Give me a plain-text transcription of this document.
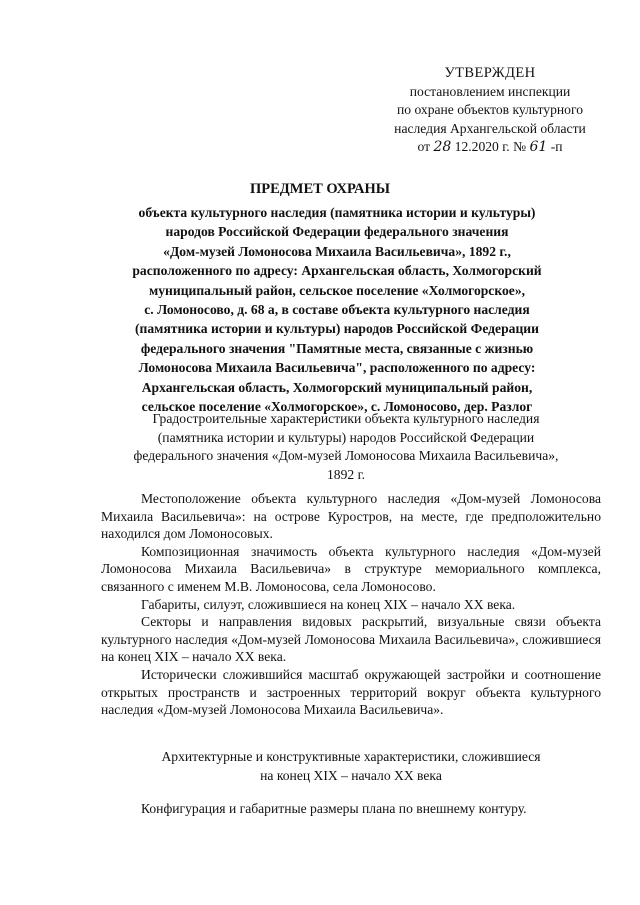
УТВЕРЖДЕН
постановлением инспекции
по охране объектов культурного
наследия Архангельской области
от 28 12.2020 г. № 61 -п
ПРЕДМЕТ ОХРАНЫ
объекта культурного наследия (памятника истории и культуры)
народов Российской Федерации федерального значения
«Дом-музей Ломоносова Михаила Васильевича», 1892 г.,
расположенного по адресу: Архангельская область, Холмогорский
муниципальный район, сельское поселение «Холмогорское»,
с. Ломоносово, д. 68 а, в составе объекта культурного наследия
(памятника истории и культуры) народов Российской Федерации
федерального значения "Памятные места, связанные с жизнью
Ломоносова Михаила Васильевича", расположенного по адресу:
Архангельская область, Холмогорский муниципальный район,
сельское поселение «Холмогорское», с. Ломоносово, дер. Разлог
Градостроительные характеристики объекта культурного наследия
(памятника истории и культуры) народов Российской Федерации
федерального значения «Дом-музей Ломоносова Михаила Васильевича»,
1892 г.

Местоположение объекта культурного наследия «Дом-музей Ломоносова Михаила Васильевича»: на острове Куростров, на месте, где предположительно находился дом Ломоносовых.

Композиционная значимость объекта культурного наследия «Дом-музей Ломоносова Михаила Васильевича» в структуре мемориального комплекса, связанного с именем М.В. Ломоносова, села Ломоносово.

Габариты, силуэт, сложившиеся на конец XIX – начало XX века.

Секторы и направления видовых раскрытий, визуальные связи объекта культурного наследия «Дом-музей Ломоносова Михаила Васильевича», сложившиеся на конец XIX – начало XX века.

Исторически сложившийся масштаб окружающей застройки и соотношение открытых пространств и застроенных территорий вокруг объекта культурного наследия «Дом-музей Ломоносова Михаила Васильевича».

Архитектурные и конструктивные характеристики, сложившиеся
на конец XIX – начало XX века
Конфигурация и габаритные размеры плана по внешнему контуру.
